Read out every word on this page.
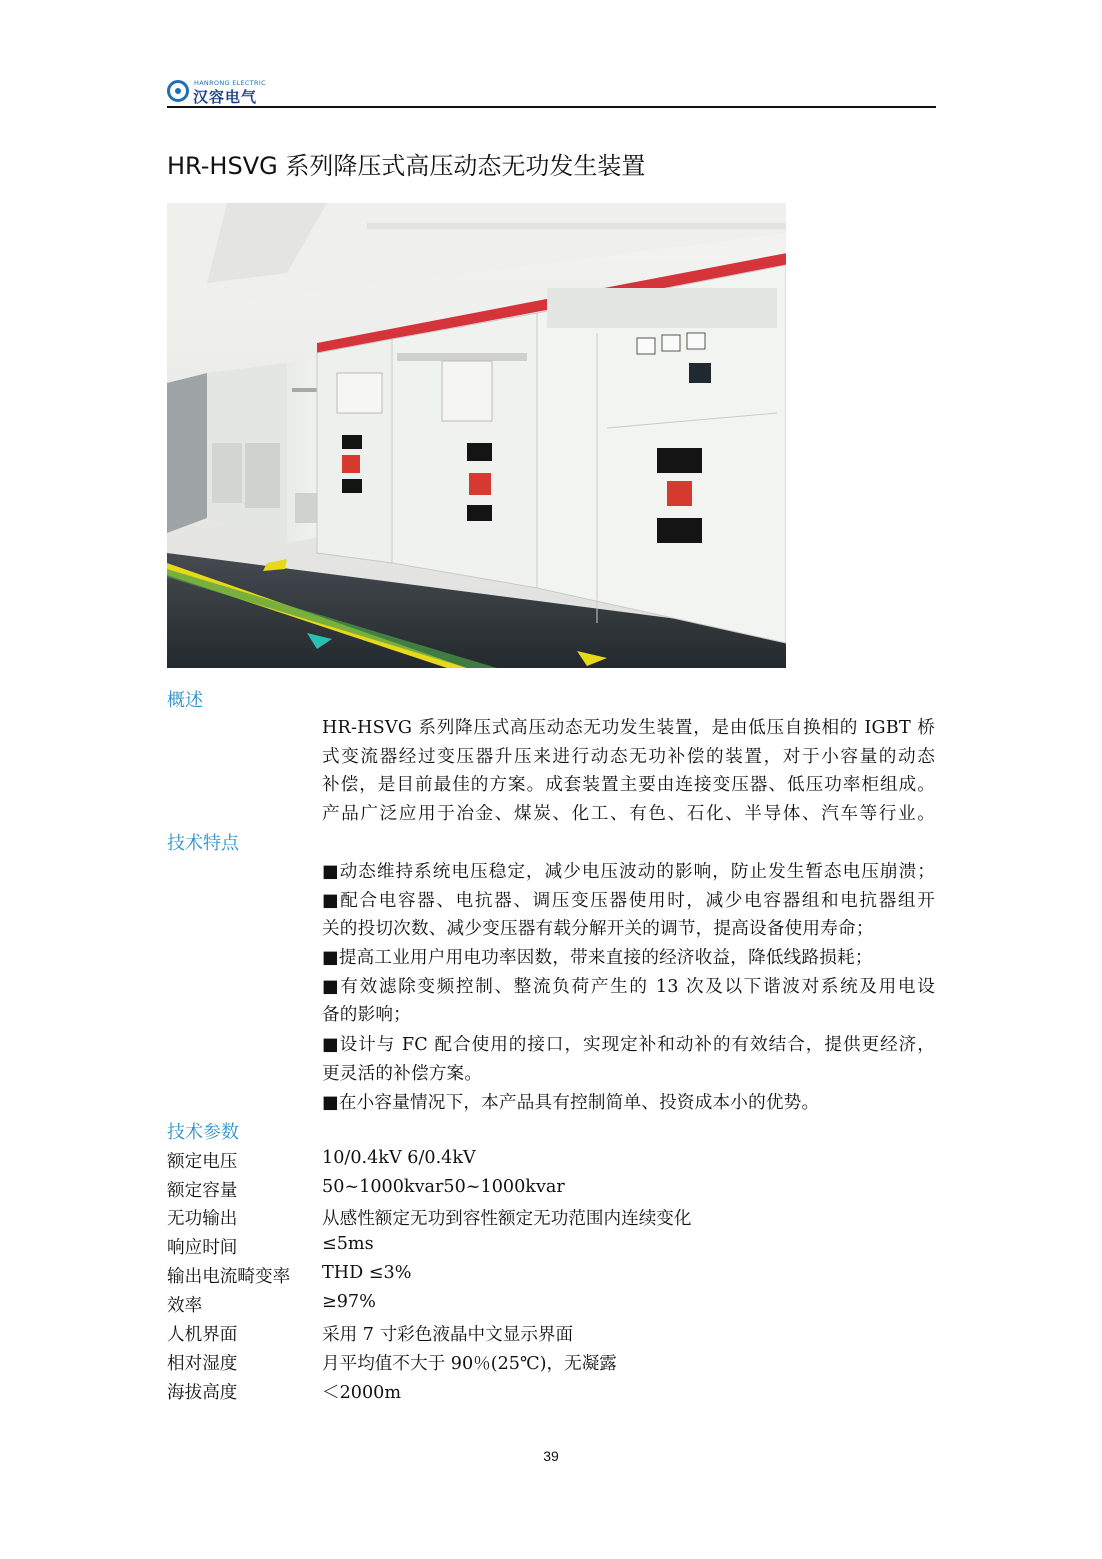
HANRONG ELECTRIC
汉容电气
HR-HSVG 系列降压式高压动态无功发生装置
概述
HR-HSVG 系列降压式高压动态无功发生装置，是由低压自换相的 IGBT 桥
式变流器经过变压器升压来进行动态无功补偿的装置，对于小容量的动态
补偿，是目前最佳的方案。成套装置主要由连接变压器、低压功率柜组成。
产品广泛应用于冶金、煤炭、化工、有色、石化、半导体、汽车等行业。
技术特点
■动态维持系统电压稳定，减少电压波动的影响，防止发生暂态电压崩溃；
■配合电容器、电抗器、调压变压器使用时，减少电容器组和电抗器组开
关的投切次数、减少变压器有载分解开关的调节，提高设备使用寿命；
■提高工业用户用电功率因数，带来直接的经济收益，降低线路损耗；
■有效滤除变频控制、整流负荷产生的 13 次及以下谐波对系统及用电设
备的影响；
■设计与 FC 配合使用的接口，实现定补和动补的有效结合，提供更经济，
更灵活的补偿方案。
■在小容量情况下，本产品具有控制简单、投资成本小的优势。
技术参数
额定电压	10/0.4kV 6/0.4kV
额定容量	50~1000kvar50~1000kvar
无功输出	从感性额定无功到容性额定无功范围内连续变化
响应时间	≤5ms
输出电流畸变率 THD ≤3%
效率	≥97%
人机界面	采用 7 寸彩色液晶中文显示界面
相对湿度	月平均值不大于 90％(25℃)，无凝露
海拔高度	＜2000m
39
